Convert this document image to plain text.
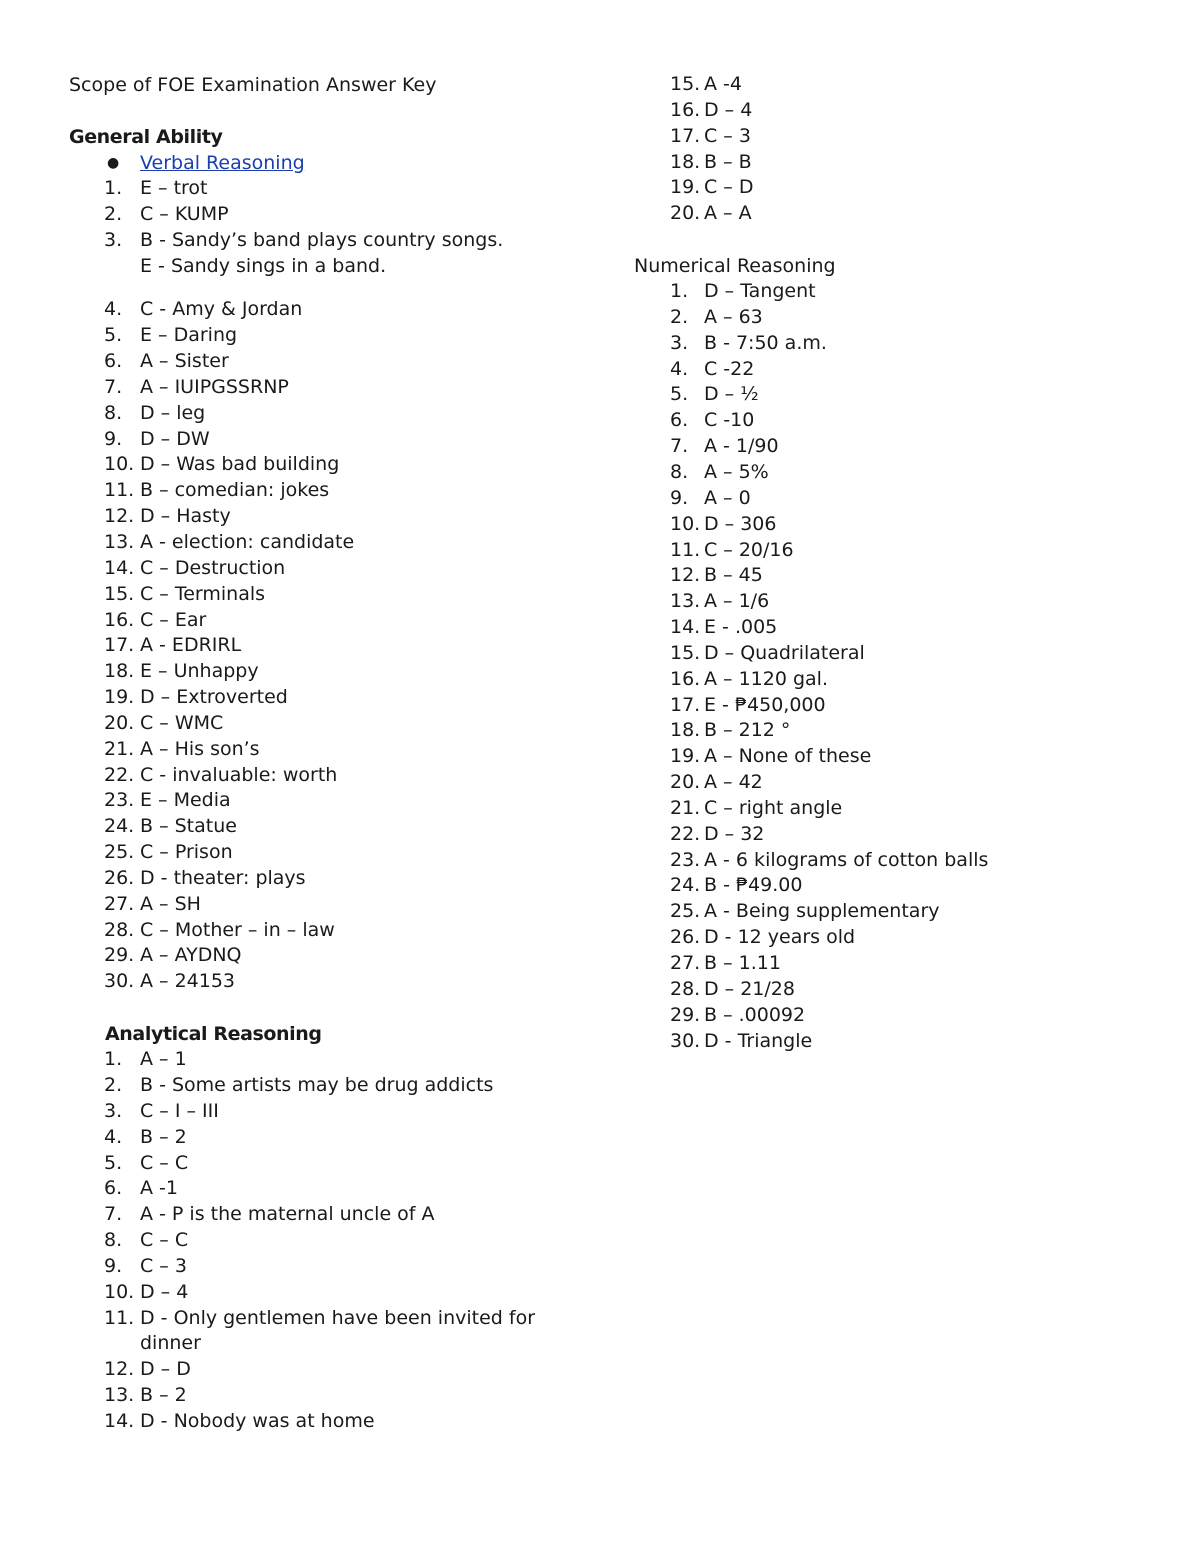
Scope of FOE Examination Answer Key
General Ability
● Verbal Reasoning
1. E – trot
2. C – KUMP
3. B - Sandy’s band plays country songs.
E - Sandy sings in a band.
4. C - Amy & Jordan
5. E – Daring
6. A – Sister
7. A – IUIPGSSRNP
8. D – leg
9. D – DW
10. D – Was bad building
11. B – comedian: jokes
12. D – Hasty
13. A - election: candidate
14. C – Destruction
15. C – Terminals
16. C – Ear
17. A - EDRIRL
18. E – Unhappy
19. D – Extroverted
20. C – WMC
21. A – His son’s
22. C - invaluable: worth
23. E – Media
24. B – Statue
25. C – Prison
26. D - theater: plays
27. A – SH
28. C – Mother – in – law
29. A – AYDNQ
30. A – 24153
Analytical Reasoning
1. A – 1
2. B - Some artists may be drug addicts
3. C – I – III
4. B – 2
5. C – C
6. A -1
7. A - P is the maternal uncle of A
8. C – C
9. C – 3
10. D – 4
11. D - Only gentlemen have been invited for
dinner
12. D – D
13. B – 2
14. D - Nobody was at home
15. A -4
16. D – 4
17. C – 3
18. B – B
19. C – D
20. A – A
Numerical Reasoning
1. D – Tangent
2. A – 63
3. B - 7:50 a.m.
4. C -22
5. D – ½
6. C -10
7. A - 1/90
8. A – 5%
9. A – 0
10. D – 306
11. C – 20/16
12. B – 45
13. A – 1/6
14. E - .005
15. D – Quadrilateral
16. A – 1120 gal.
17. E - ₱450,000
18. B – 212 °
19. A – None of these
20. A – 42
21. C – right angle
22. D – 32
23. A - 6 kilograms of cotton balls
24. B - ₱49.00
25. A - Being supplementary
26. D - 12 years old
27. B – 1.11
28. D – 21/28
29. B – .00092
30. D - Triangle
